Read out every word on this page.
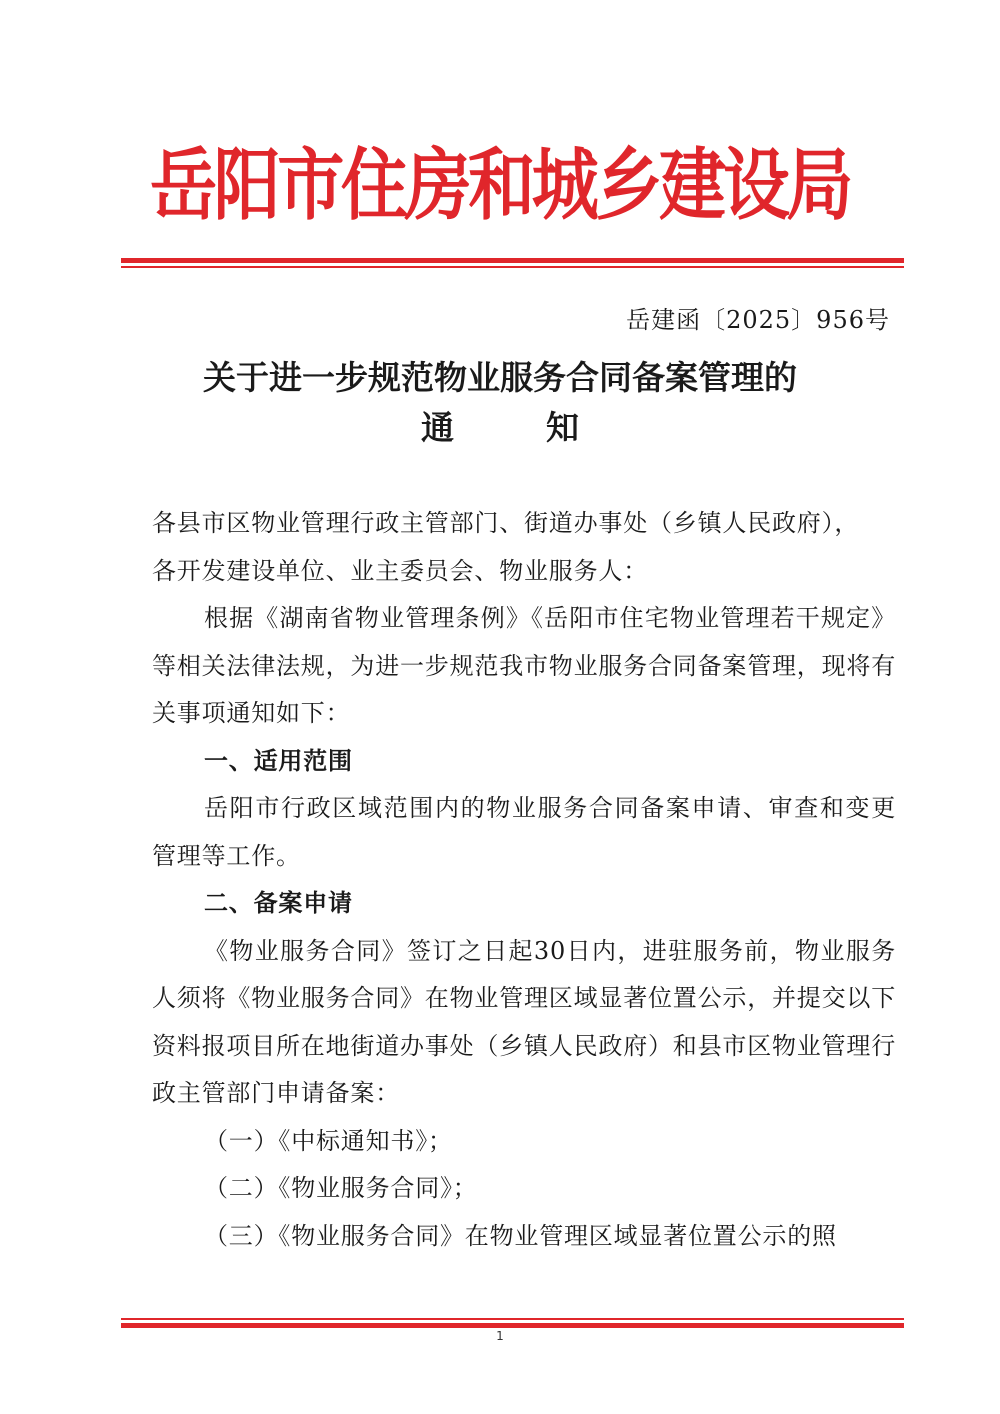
岳阳市住房和城乡建设局
岳建函〔2025〕956号
关于进一步规范物业服务合同备案管理的
通	知

各县市区物业管理行政主管部门、街道办事处（乡镇人民政府），

各开发建设单位、业主委员会、物业服务人：

根据《湖南省物业管理条例》《岳阳市住宅物业管理若干规定》等相关法律法规，为进一步规范我市物业服务合同备案管理，现将有关事项通知如下：

一、适用范围

岳阳市行政区域范围内的物业服务合同备案申请、审查和变更管理等工作。

二、备案申请

《物业服务合同》签订之日起30日内，进驻服务前，物业服务人须将《物业服务合同》在物业管理区域显著位置公示，并提交以下资料报项目所在地街道办事处（乡镇人民政府）和县市区物业管理行政主管部门申请备案：

（一）《中标通知书》；

（二）《物业服务合同》；

（三）《物业服务合同》在物业管理区域显著位置公示的照

1
